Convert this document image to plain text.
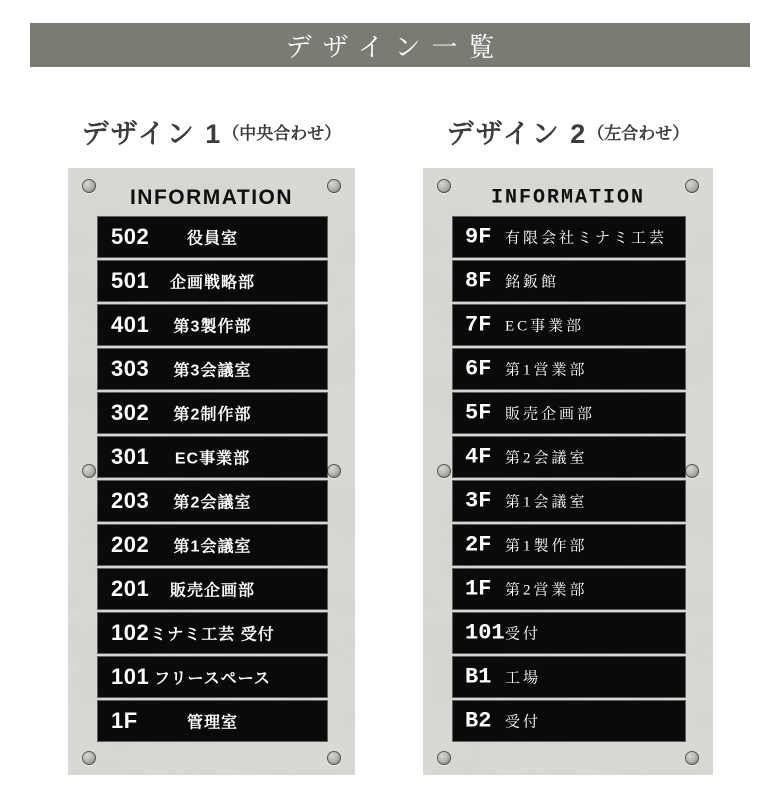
デザイン一覧
デザイン 1 （中央合わせ）	デザイン 2 （左合わせ）
INFORMATION
502	役員室
501	企画戦略部
401	第3製作部
303	第3会議室
302	第2制作部
301	EC事業部
203	第2会議室
202	第1会議室
201	販売企画部
102 ミナミ工芸 受付
101 フリースペース
1F	管理室
INFORMATION
9F 有限会社ミナミ工芸
8F 銘鈑館
7F EC事業部
6F 第1営業部
5F 販売企画部
4F 第2会議室
3F 第1会議室
2F 第1製作部
1F 第2営業部
101 受付
B1 工場
B2 受付
